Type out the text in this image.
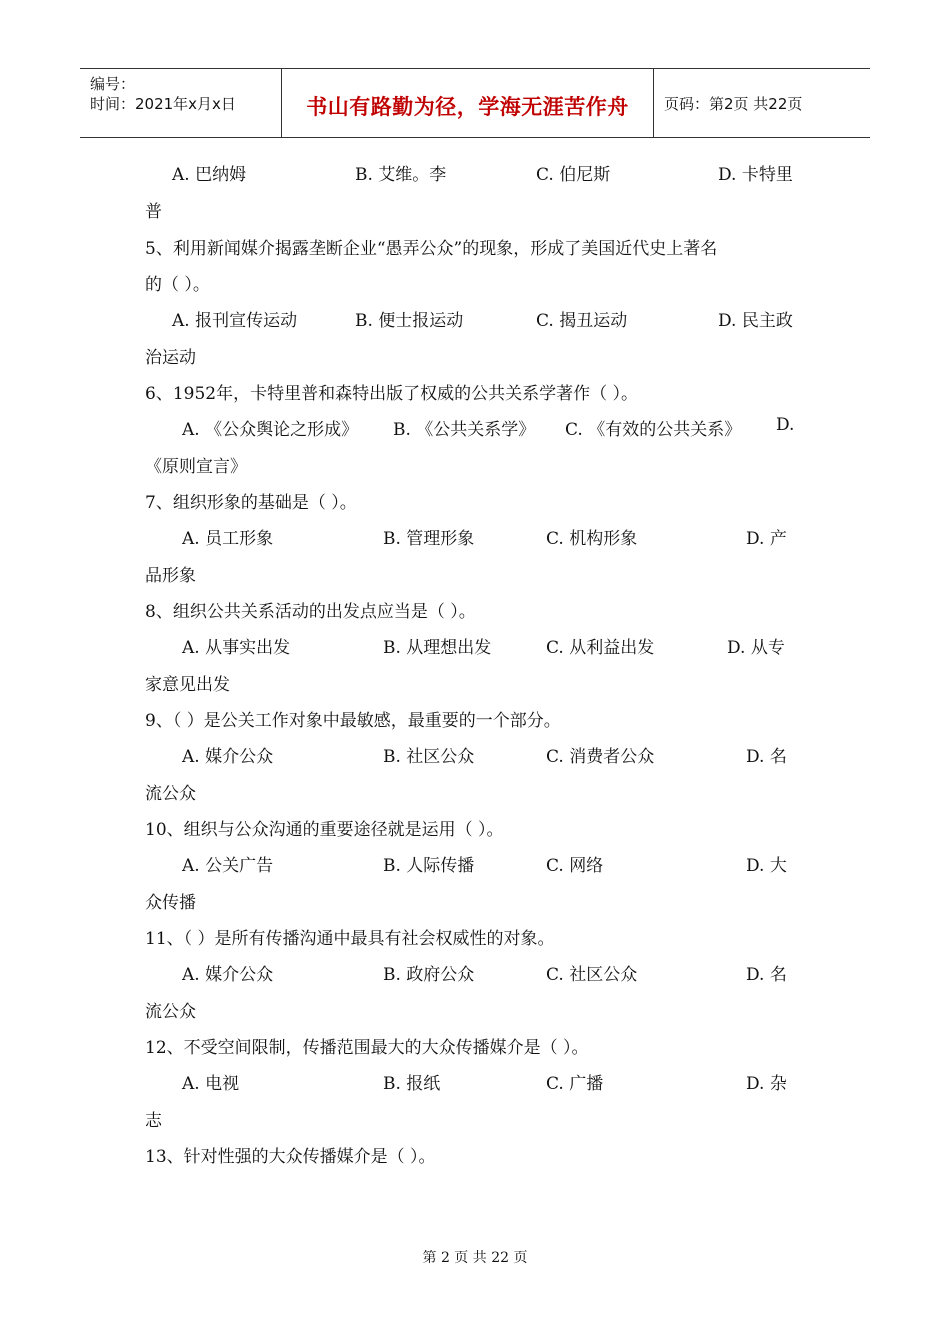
编号：
时间：2021年x月x日	书山有路勤为径，学海无涯苦作舟	页码：第2页 共22页
A. 巴纳姆	B. 艾维。李	C. 伯尼斯	D. 卡特里
普
5、利用新闻媒介揭露垄断企业“愚弄公众”的现象，形成了美国近代史上著名
的（ ）。
A. 报刊宣传运动	B. 便士报运动	C. 揭丑运动	D. 民主政
治运动
6、1952年，卡特里普和森特出版了权威的公共关系学著作（ ）。
A. 《公众舆论之形成》 B. 《公共关系学》 C. 《有效的公共关系》 D.
《原则宣言》
7、组织形象的基础是（ ）。
A. 员工形象	B. 管理形象	C. 机构形象	D. 产
品形象
8、组织公共关系活动的出发点应当是（ ）。
A. 从事实出发	B. 从理想出发	C. 从利益出发	D. 从专
家意见出发
9、（ ）是公关工作对象中最敏感，最重要的一个部分。
A. 媒介公众	B. 社区公众	C. 消费者公众	D. 名
流公众
10、组织与公众沟通的重要途径就是运用（ ）。
A. 公关广告	B. 人际传播	C. 网络	D. 大
众传播
11、（ ）是所有传播沟通中最具有社会权威性的对象。
A. 媒介公众	B. 政府公众	C. 社区公众	D. 名
流公众
12、不受空间限制，传播范围最大的大众传播媒介是（ ）。
A. 电视	B. 报纸	C. 广播	D. 杂
志
13、针对性强的大众传播媒介是（ ）。
第 2 页 共 22 页
